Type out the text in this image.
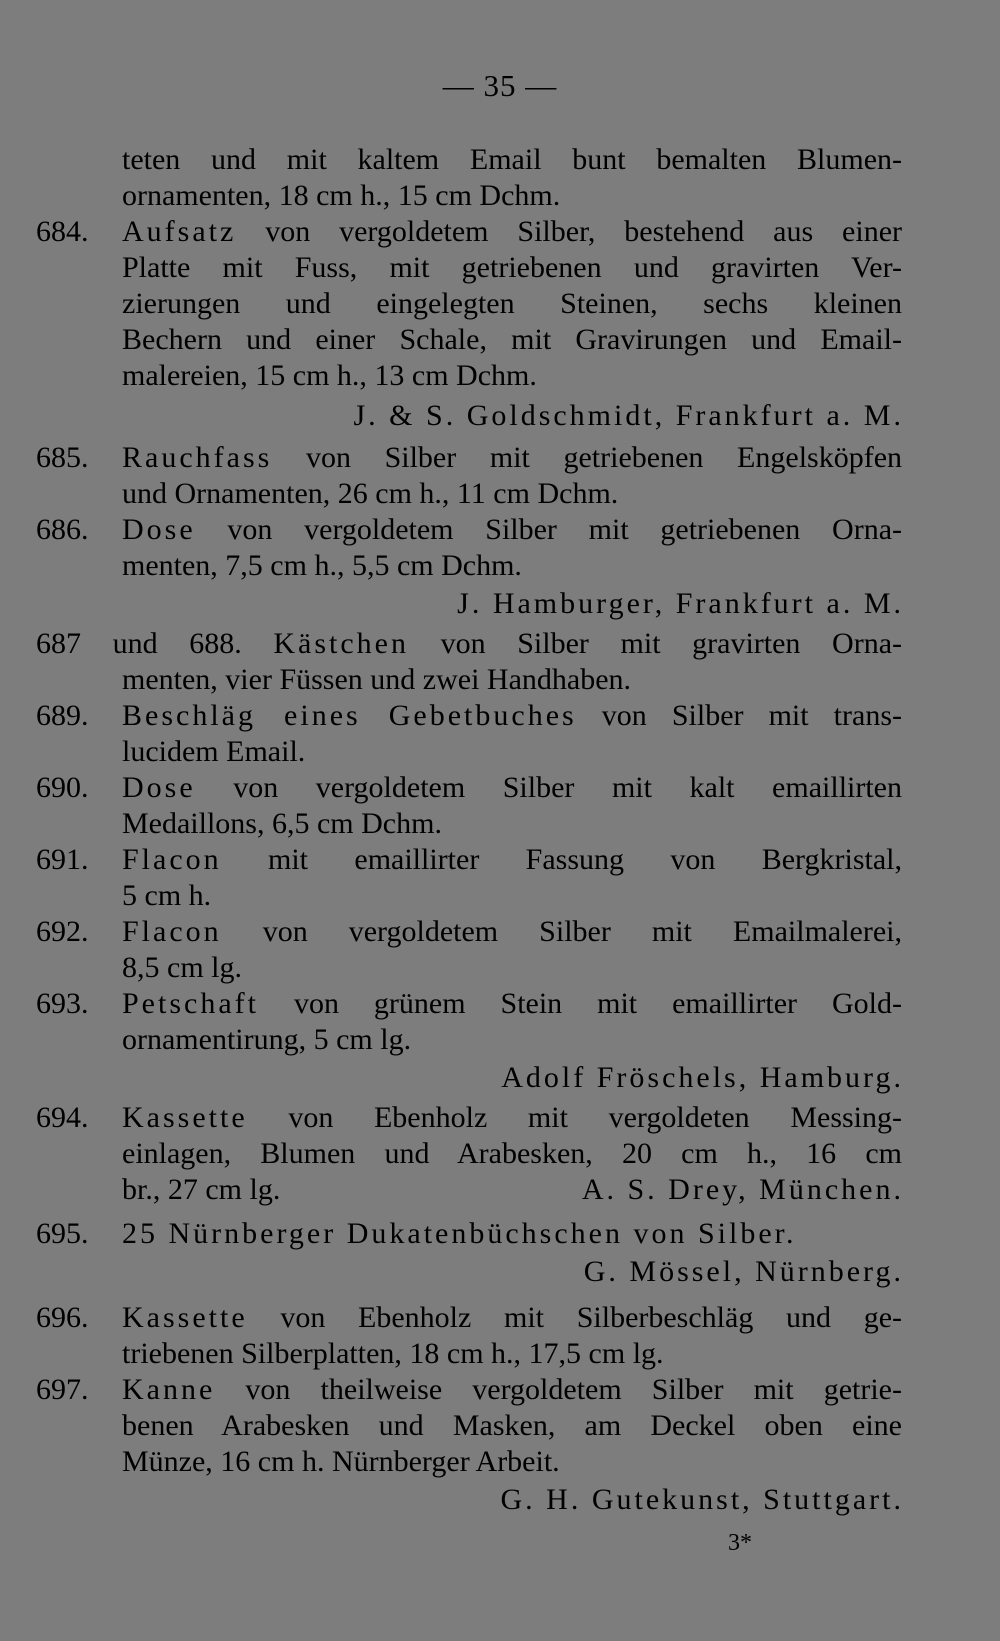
— 35 —
teten und mit kaltem Email bunt bemalten Blumen-
ornamenten, 18 cm h., 15 cm Dchm.
684. Aufsatz von vergoldetem Silber, bestehend aus einer
Platte mit Fuss, mit getriebenen und gravirten Ver-
zierungen und eingelegten Steinen, sechs kleinen
Bechern und einer Schale, mit Gravirungen und Email-
malereien, 15 cm h., 13 cm Dchm.
J. & S. Goldschmidt, Frankfurt a. M.
685. Rauchfass von Silber mit getriebenen Engelsköpfen
und Ornamenten, 26 cm h., 11 cm Dchm.
686. Dose von vergoldetem Silber mit getriebenen Orna-
menten, 7,5 cm h., 5,5 cm Dchm.
J. Hamburger, Frankfurt a. M.
687 und 688. Kästchen von Silber mit gravirten Orna-
menten, vier Füssen und zwei Handhaben.
689. Beschläg eines Gebetbuches von Silber mit trans-
lucidem Email.
690. Dose von vergoldetem Silber mit kalt emaillirten
Medaillons, 6,5 cm Dchm.
691. Flacon mit emaillirter Fassung von Bergkristal,
5 cm h.
692. Flacon von vergoldetem Silber mit Emailmalerei,
8,5 cm lg.
693. Petschaft von grünem Stein mit emaillirter Gold-
ornamentirung, 5 cm lg.
Adolf Fröschels, Hamburg.
694. Kassette von Ebenholz mit vergoldeten Messing-
einlagen, Blumen und Arabesken, 20 cm h., 16 cm
br., 27 cm lg.	A. S. Drey, München.
695. 25 Nürnberger Dukatenbüchschen von Silber.
G. Mössel, Nürnberg.
696. Kassette von Ebenholz mit Silberbeschläg und ge-
triebenen Silberplatten, 18 cm h., 17,5 cm lg.
697. Kanne von theilweise vergoldetem Silber mit getrie-
benen Arabesken und Masken, am Deckel oben eine
Münze, 16 cm h. Nürnberger Arbeit.
G. H. Gutekunst, Stuttgart.
3*
